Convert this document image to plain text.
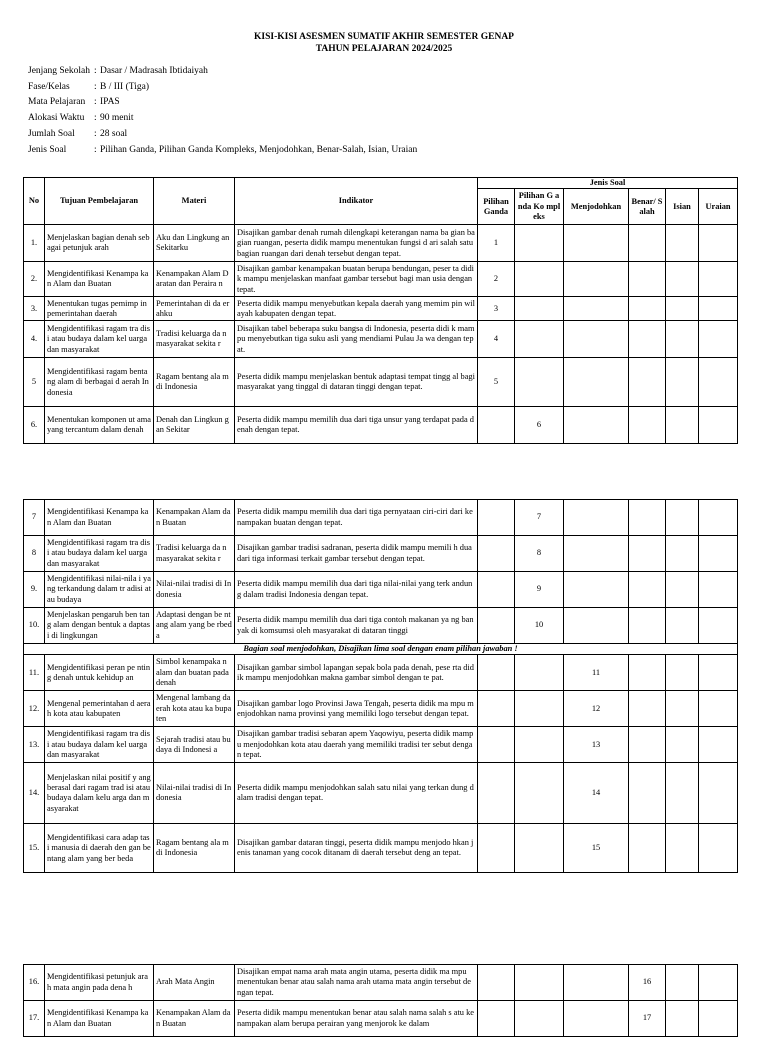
KISI-KISI ASESMEN SUMATIF AKHIR SEMESTER GENAP
TAHUN PELAJARAN 2024/2025
Jenjang Sekolah : Dasar / Madrasah Ibtidaiyah
Fase/Kelas	: B / III (Tiga)
Mata Pelajaran : IPAS
Alokasi Waktu : 90 menit
Jumlah Soal : 28 soal
Jenis Soal	: Pilihan Ganda, Pilihan Ganda Kompleks, Menjodohkan, Benar-Salah, Isian, Uraian
No	Tujuan Pembelajaran	Materi	Indikator	Jenis Soal					
				Pilihan Ganda	Pilihan G anda Ko mpleks	Menjodohkan	Benar/ Salah	Isian	Uraian
1.	Menjelaskan bagian denah sebagai petunjuk arah	Aku dan Lingkung an Sekitarku	Disajikan gambar denah rumah dilengkapi keterangan nama ba gian bagian ruangan, peserta didik mampu menentukan fungsi d ari salah satu bagian ruangan dari denah tersebut dengan tepat.	1					
2.	Mengidentifikasi Kenampa kan Alam dan Buatan	Kenampakan Alam Daratan dan Peraira n	Disajikan gambar kenampakan buatan berupa bendungan, peser ta didik mampu menjelaskan manfaat gambar tersebut bagi man usia dengan tepat.	2					
3.	Menentukan tugas pemimp in pemerintahan daerah	Pemerintahan di da erahku	Peserta didik mampu menyebutkan kepala daerah yang memim pin wilayah kabupaten dengan tepat.	3					
4.	Mengidentifikasi ragam tra disi atau budaya dalam kel uarga dan masyarakat	Tradisi keluarga da n masyarakat sekita r	Disajikan tabel beberapa suku bangsa di Indonesia, peserta didi k mampu menyebutkan tiga suku asli yang mendiami Pulau Ja wa dengan tepat.	4					
5	Mengidentifikasi ragam bentang alam di berbagai d aerah Indonesia	Ragam bentang ala m di Indonesia	Peserta didik mampu menjelaskan bentuk adaptasi tempat tingg al bagi masyarakat yang tinggal di dataran tinggi dengan tepat.	5					
6.	Menentukan komponen ut ama yang tercantum dalam denah	Denah dan Lingkun gan Sekitar	Peserta didik mampu memilih dua dari tiga unsur yang terdapat pada denah dengan tepat.		6				
7	Mengidentifikasi Kenampa kan Alam dan Buatan	Kenampakan Alam dan Buatan	Peserta didik mampu memilih dua dari tiga pernyataan ciri-ciri dari kenampakan buatan dengan tepat.		7				
8	Mengidentifikasi ragam tra disi atau budaya dalam kel uarga dan masyarakat	Tradisi keluarga da n masyarakat sekita r	Disajikan gambar tradisi sadranan, peserta didik mampu memili h dua dari tiga informasi terkait gambar tersebut dengan tepat.		8				
9.	Mengidentifikasi nilai-nila i yang terkandung dalam tr adisi atau budaya	Nilai-nilai tradisi di Indonesia	Peserta didik mampu memilih dua dari tiga nilai-nilai yang terk andung dalam tradisi Indonesia dengan tepat.		9				
10.	Menjelaskan pengaruh ben tang alam dengan bentuk a daptasi di lingkungan	Adaptasi dengan be ntang alam yang be rbeda	Peserta didik mampu memilih dua dari tiga contoh makanan ya ng banyak di komsumsi oleh masyarakat di dataran tinggi		10				
Bagian soal menjodohkan, Disajikan lima soal dengan enam pilihan jawaban !									
11.	Mengidentifikasi peran pe nting denah untuk kehidup an	Simbol kenampaka n alam dan buatan pada denah	Disajikan gambar simbol lapangan sepak bola pada denah, pese rta didik mampu menjodohkan makna gambar simbol dengan te pat.			11			
12.	Mengenal pemerintahan d aerah kota atau kabupaten	Mengenal lambang daerah kota atau ka bupaten	Disajikan gambar logo Provinsi Jawa Tengah, peserta didik ma mpu menjodohkan nama provinsi yang memiliki logo tersebut dengan tepat.			12			
13.	Mengidentifikasi ragam tra disi atau budaya dalam kel uarga dan masyarakat	Sejarah tradisi atau budaya di Indonesi a	Disajikan gambar tradisi sebaran apem Yaqowiyu, peserta didik mampu menjodohkan kota atau daerah yang memiliki tradisi ter sebut dengan tepat.			13			
14.	Menjelaskan nilai positif y ang berasal dari ragam trad isi atau budaya dalam kelu arga dan masyarakat	Nilai-nilai tradisi di Indonesia	Peserta didik mampu menjodohkan salah satu nilai yang terkan dung dalam tradisi dengan tepat.			14			
15.	Mengidentifikasi cara adap tasi manusia di daerah den gan bentang alam yang ber beda	Ragam bentang ala m di Indonesia	Disajikan gambar dataran tinggi, peserta didik mampu menjodo hkan jenis tanaman yang cocok ditanam di daerah tersebut deng an tepat.			15			
16.	Mengidentifikasi petunjuk arah mata angin pada dena h	Arah Mata Angin	Disajikan empat nama arah mata angin utama, peserta didik ma mpu menentukan benar atau salah nama arah utama mata angin tersebut dengan tepat.				16		
17.	Mengidentifikasi Kenampa kan Alam dan Buatan	Kenampakan Alam dan Buatan	Peserta didik mampu menentukan benar atau salah nama salah s atu kenampakan alam berupa perairan yang menjorok ke dalam				17		
